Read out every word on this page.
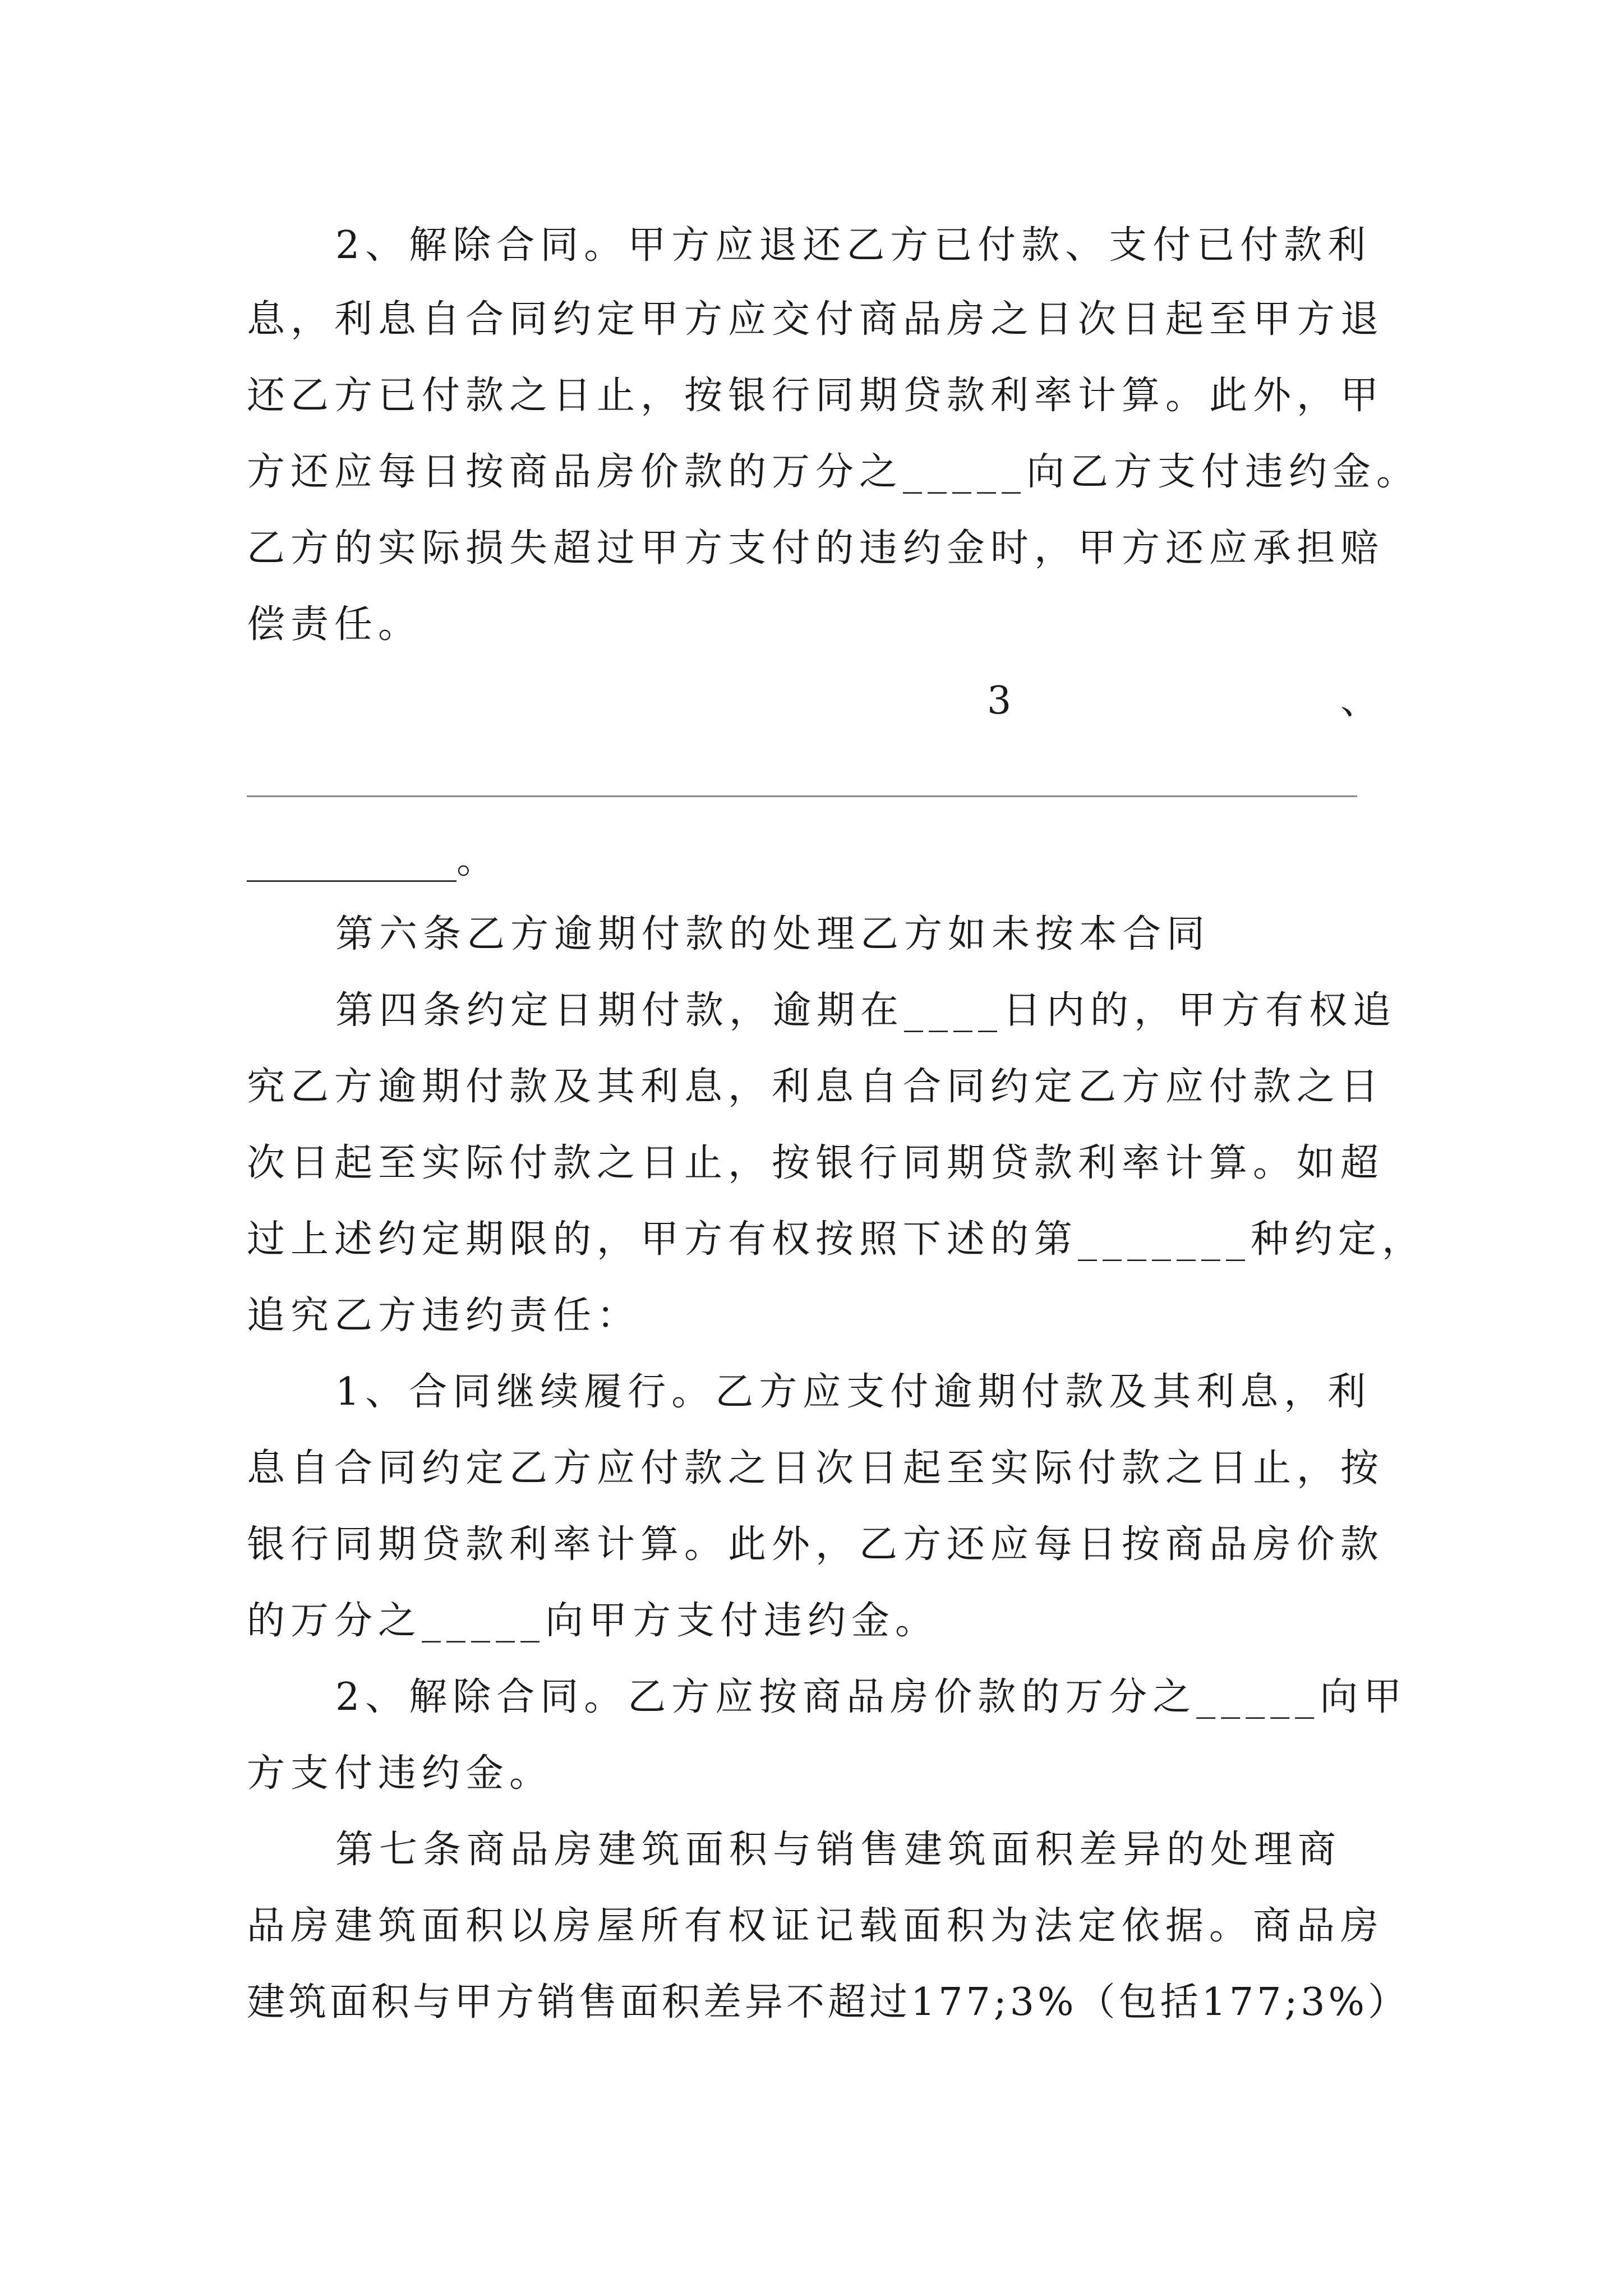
2、解除合同。甲方应退还乙方已付款、支付已付款利
息，利息自合同约定甲方应交付商品房之日次日起至甲方退
还乙方已付款之日止，按银行同期贷款利率计算。此外，甲
方还应每日按商品房价款的万分之_____向乙方支付违约金。
乙方的实际损失超过甲方支付的违约金时，甲方还应承担赔
偿责任。
3	、
___________。
第六条乙方逾期付款的处理乙方如未按本合同
第四条约定日期付款，逾期在____日内的，甲方有权追
究乙方逾期付款及其利息，利息自合同约定乙方应付款之日
次日起至实际付款之日止，按银行同期贷款利率计算。如超
过上述约定期限的，甲方有权按照下述的第_______种约定，
追究乙方违约责任：
1、合同继续履行。乙方应支付逾期付款及其利息，利
息自合同约定乙方应付款之日次日起至实际付款之日止，按
银行同期贷款利率计算。此外，乙方还应每日按商品房价款
的万分之_____向甲方支付违约金。
2、解除合同。乙方应按商品房价款的万分之_____向甲
方支付违约金。
第七条商品房建筑面积与销售建筑面积差异的处理商
品房建筑面积以房屋所有权证记载面积为法定依据。商品房
建筑面积与甲方销售面积差异不超过177;3%（包括177;3%）
